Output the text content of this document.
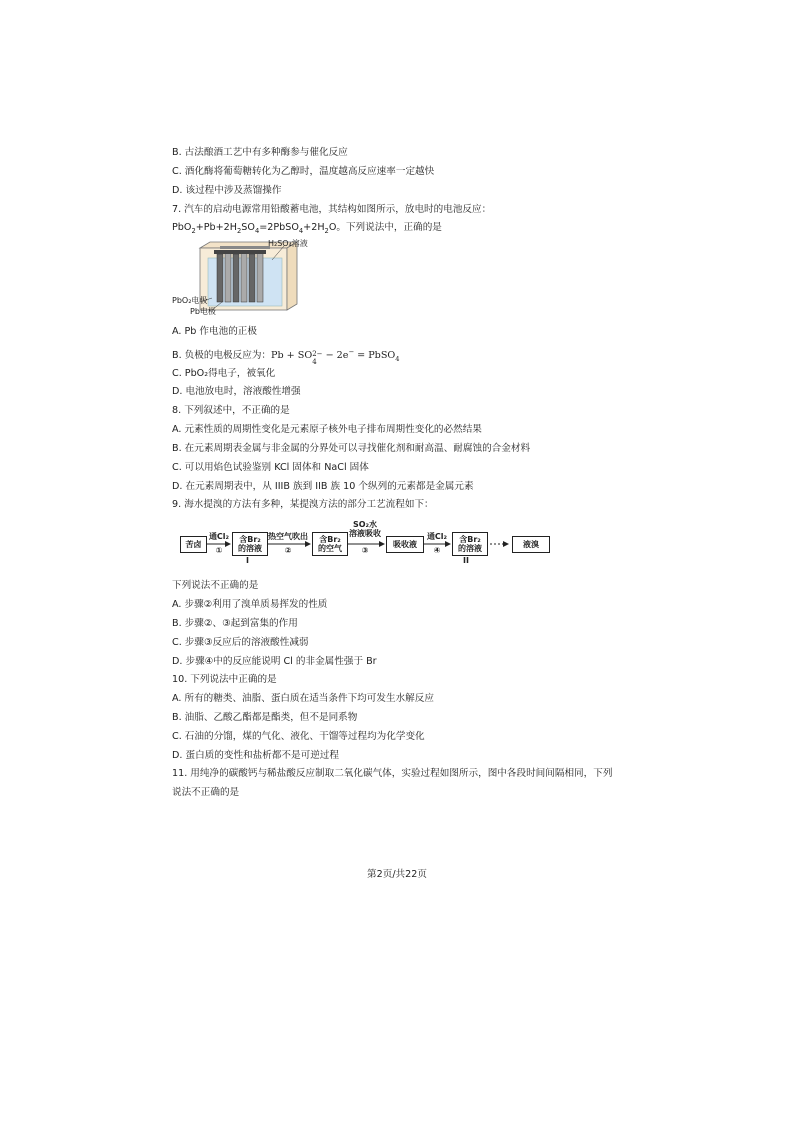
B. 古法酿酒工艺中有多种酶参与催化反应
C. 酒化酶将葡萄糖转化为乙醇时，温度越高反应速率一定越快
D. 该过程中涉及蒸馏操作
7. 汽车的启动电源常用铅酸蓄电池，其结构如图所示，放电时的电池反应：
$PbO_2+Pb+2H_2SO_4=2PbSO_4+2H_2O$。下列说法中，正确的是
H₂SO₄溶液
PbO₂电极
Pb电极
A. Pb 作电池的正极
B. 负极的电极反应为：Pb + SO
$^{4 2-}$ − 2e− = PbSO$_4$
C. PbO₂得电子，被氧化
D. 电池放电时，溶液酸性增强
8. 下列叙述中，不正确的是
A. 元素性质的周期性变化是元素原子核外电子排布周期性变化的必然结果
B. 在元素周期表金属与非金属的分界处可以寻找催化剂和耐高温、耐腐蚀的合金材料
C. 可以用焰色试验鉴别 KCl 固体和 NaCl 固体
D. 在元素周期表中，从 IIIB 族到 IIB 族 10 个纵列的元素都是金属元素
9. 海水提溴的方法有多种，某提溴方法的部分工艺流程如下：
苦卤
通Cl₂
①
含Br₂
的溶液
I
热空气吹出
②
含Br₂
的空气
SO₂水
溶液吸收
③
吸收液
通Cl₂
④
含Br₂
的溶液
II
液溴
下列说法不正确的是
A. 步骤②利用了溴单质易挥发的性质
B. 步骤②、③起到富集的作用
C. 步骤③反应后的溶液酸性减弱
D. 步骤④中的反应能说明 Cl 的非金属性强于 Br
10. 下列说法中正确的是
A. 所有的糖类、油脂、蛋白质在适当条件下均可发生水解反应
B. 油脂、乙酸乙酯都是酯类，但不是同系物
C. 石油的分馏，煤的气化、液化、干馏等过程均为化学变化
D. 蛋白质的变性和盐析都不是可逆过程
11. 用纯净的碳酸钙与稀盐酸反应制取二氧化碳气体，实验过程如图所示，图中各段时间间隔相同，下列
说法不正确的是
第2页/共22页
